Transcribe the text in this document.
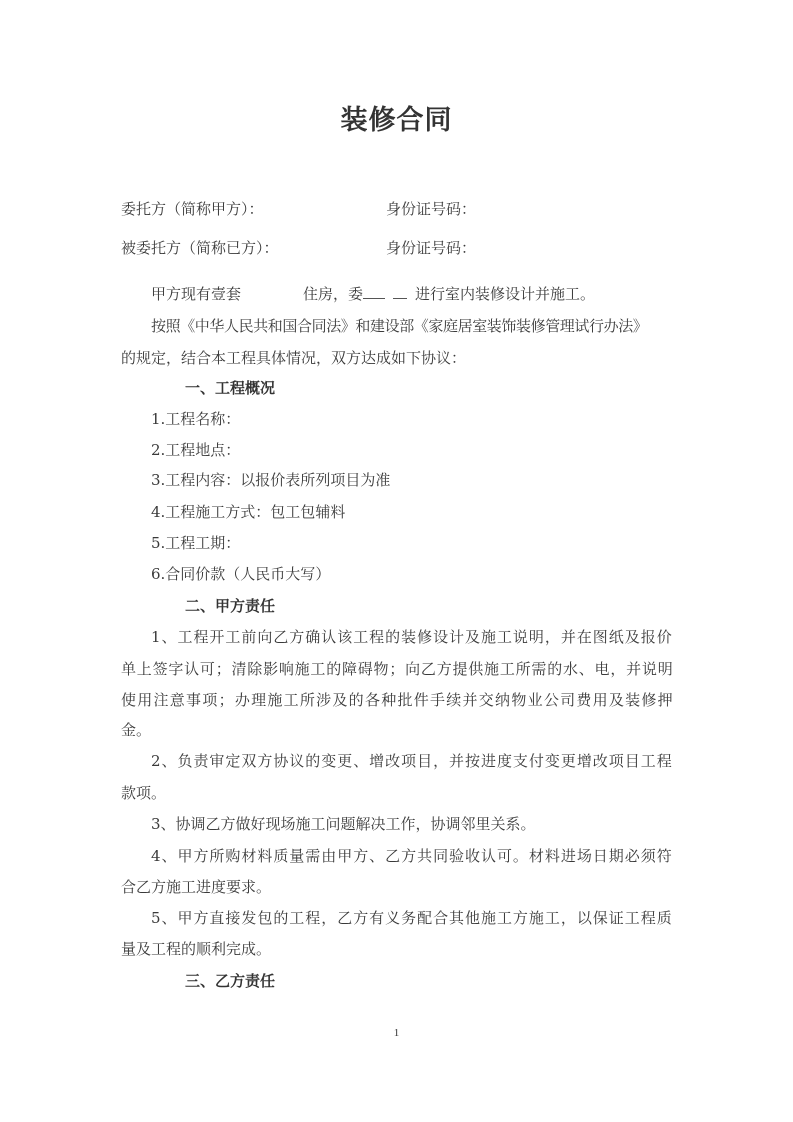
装修合同
委托方（简称甲方）：	身份证号码：
被委托方（简称已方）：	身份证号码：
甲方现有壹套	住房，委	进行室内装修设计并施工。
按照《中华人民共和国合同法》和建设部《家庭居室装饰装修管理试行办法》
的规定，结合本工程具体情况，双方达成如下协议：
一、工程概况
1.工程名称：
2.工程地点：
3.工程内容：以报价表所列项目为准
4.工程施工方式：包工包辅料
5.工程工期：
6.合同价款（人民币大写）
二、甲方责任
1、工程开工前向乙方确认该工程的装修设计及施工说明，并在图纸及报价
单上签字认可；清除影响施工的障碍物；向乙方提供施工所需的水、电，并说明
使用注意事项；办理施工所涉及的各种批件手续并交纳物业公司费用及装修押
金。
2、负责审定双方协议的变更、增改项目，并按进度支付变更增改项目工程
款项。
3、协调乙方做好现场施工问题解决工作，协调邻里关系。
4、甲方所购材料质量需由甲方、乙方共同验收认可。材料进场日期必须符
合乙方施工进度要求。
5、甲方直接发包的工程，乙方有义务配合其他施工方施工，以保证工程质
量及工程的顺利完成。
三、乙方责任
1
